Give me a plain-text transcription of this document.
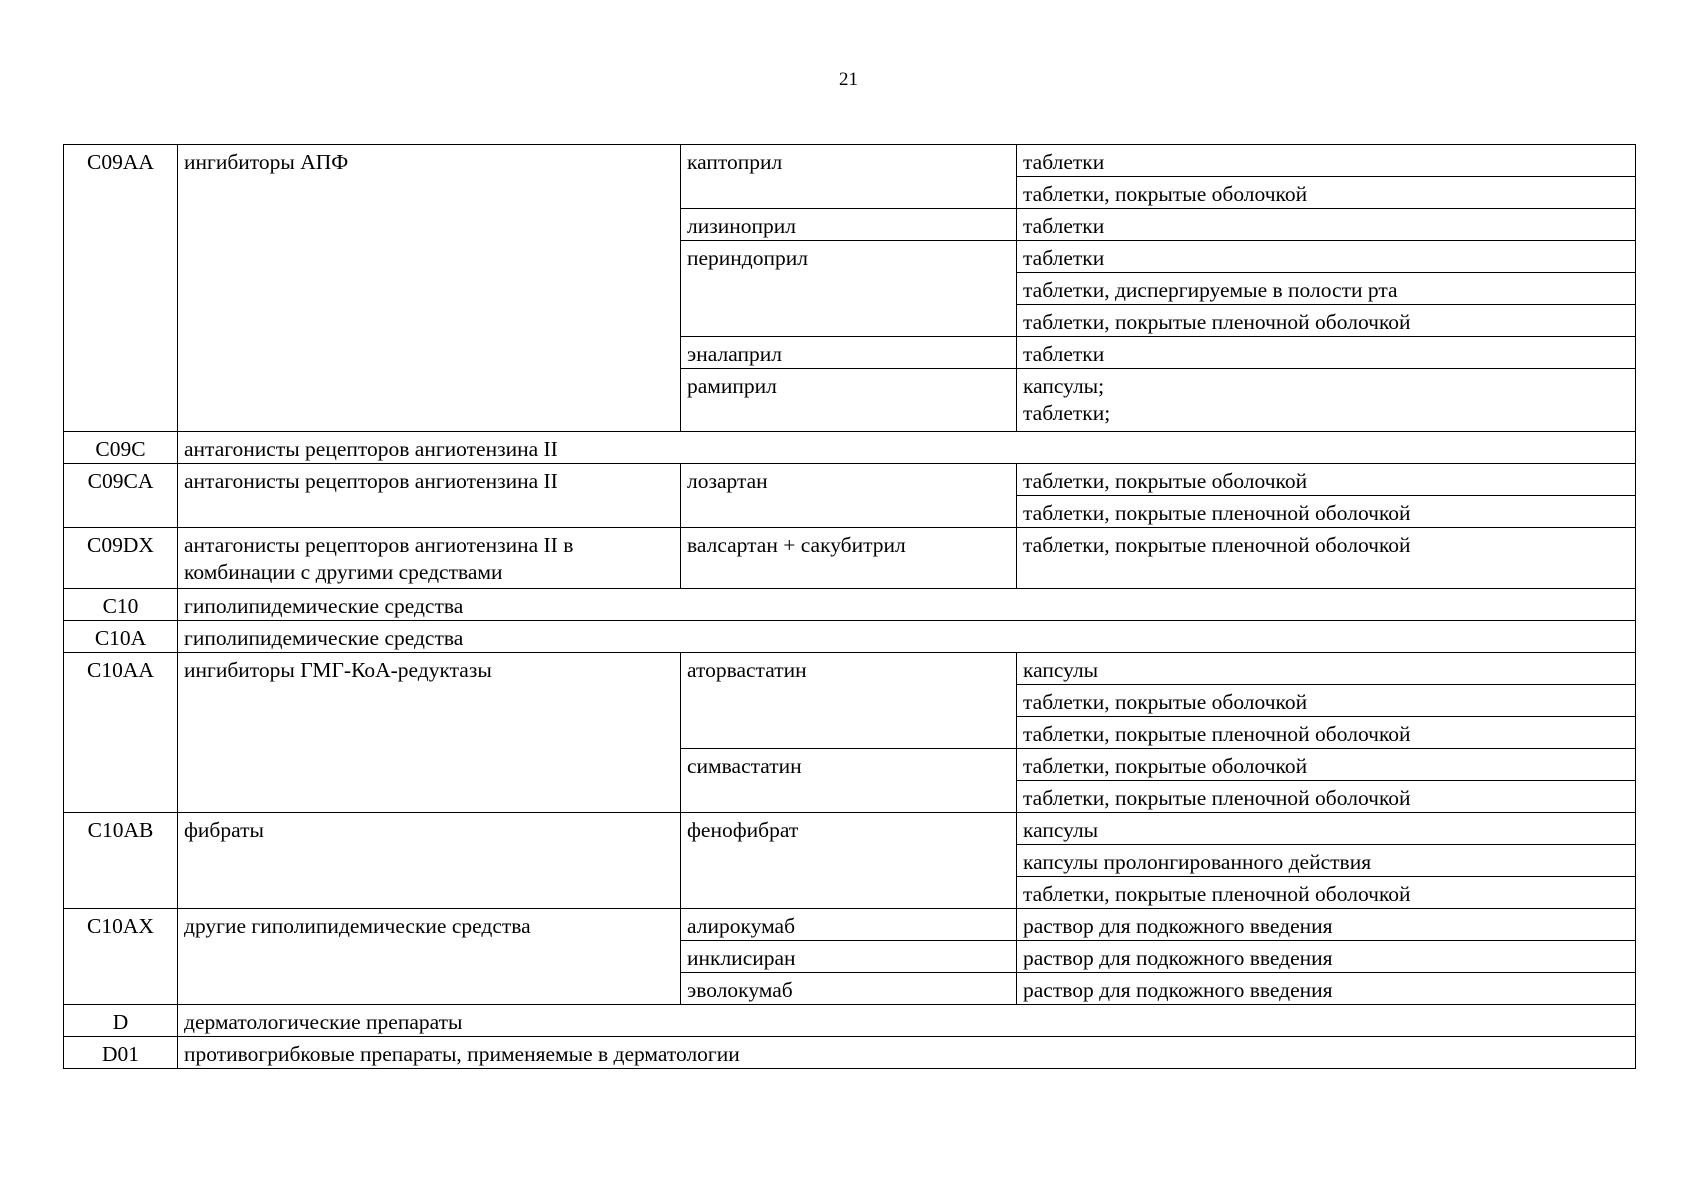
21
C09AA	ингибиторы АПФ	каптоприл	таблетки
			таблетки, покрытые оболочкой
		лизиноприл	таблетки
		периндоприл	таблетки
			таблетки, диспергируемые в полости рта
			таблетки, покрытые пленочной оболочкой
		эналаприл	таблетки
		рамиприл	капсулы;
таблетки;

C09C	антагонисты рецепторов ангиотензина II		
C09CA	антагонисты рецепторов ангиотензина II	лозартан	таблетки, покрытые оболочкой
			таблетки, покрытые пленочной оболочкой
C09DX	антагонисты рецепторов ангиотензина II в комбинации с другими средствами	валсартан + сакубитрил	таблетки, покрытые пленочной оболочкой
C10	гиполипидемические средства		
C10A	гиполипидемические средства		
C10AA	ингибиторы ГМГ-КоА-редуктазы	аторвастатин	капсулы
			таблетки, покрытые оболочкой
			таблетки, покрытые пленочной оболочкой
		симвастатин	таблетки, покрытые оболочкой
			таблетки, покрытые пленочной оболочкой
C10AB	фибраты	фенофибрат	капсулы
			капсулы пролонгированного действия
			таблетки, покрытые пленочной оболочкой
C10AX	другие гиполипидемические средства	алирокумаб	раствор для подкожного введения
		инклисиран	раствор для подкожного введения
		эволокумаб	раствор для подкожного введения
D	дерматологические препараты		
D01	противогрибковые препараты, применяемые в дерматологии		
